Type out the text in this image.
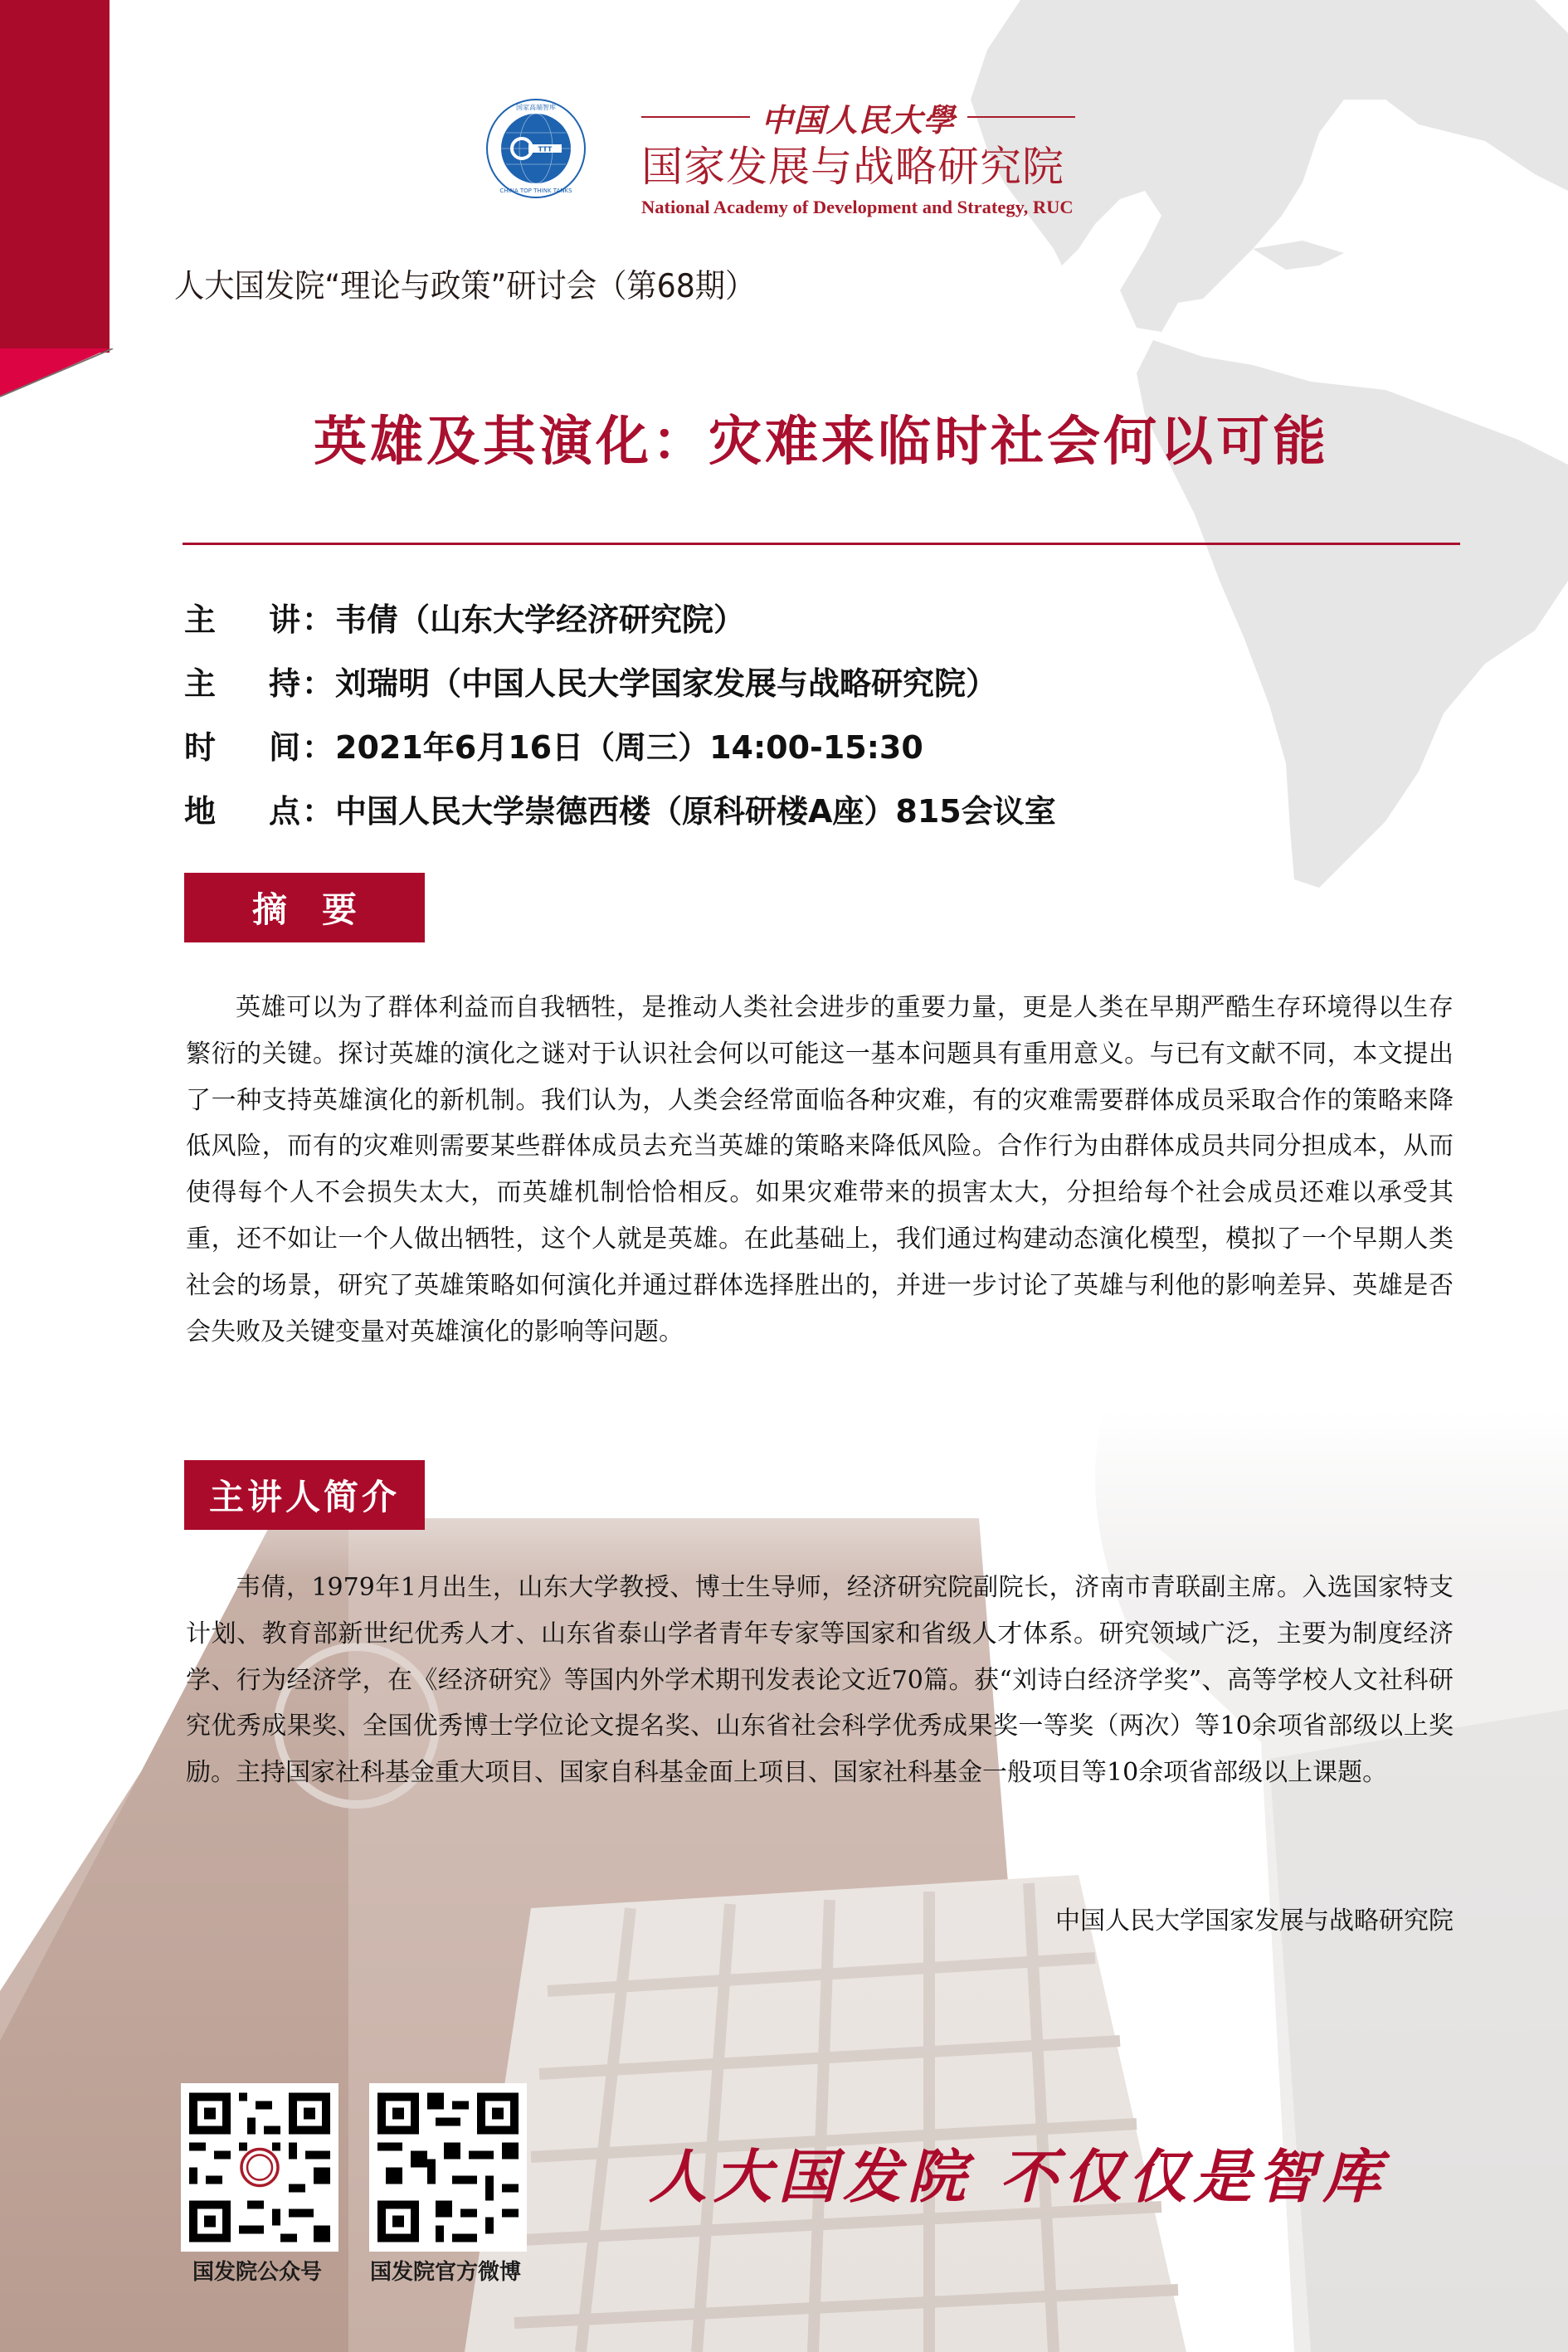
TTT
国家高端智库
CHINA TOP THINK TANKS
中国人民大學
国家发展与战略研究院
National Academy of Development and Strategy, RUC
人大国发院“理论与政策”研讨会（第68期）
英雄及其演化：灾难来临时社会何以可能
主 讲 ： 韦倩（山东大学经济研究院）
主 持 ： 刘瑞明（中国人民大学国家发展与战略研究院）
时 间 ： 2021年6月16日（周三）14:00-15:30
地 点 ： 中国人民大学崇德西楼（原科研楼A座）815会议室
摘要
英雄可以为了群体利益而自我牺牲，是推动人类社会进步的重要力量，更是人类在早期严酷生存环境得以生存繁衍的关键。探讨英雄的演化之谜对于认识社会何以可能这一基本问题具有重用意义。与已有文献不同，本文提出了一种支持英雄演化的新机制。我们认为，人类会经常面临各种灾难，有的灾难需要群体成员采取合作的策略来降低风险，而有的灾难则需要某些群体成员去充当英雄的策略来降低风险。合作行为由群体成员共同分担成本，从而使得每个人不会损失太大，而英雄机制恰恰相反。如果灾难带来的损害太大，分担给每个社会成员还难以承受其重，还不如让一个人做出牺牲，这个人就是英雄。在此基础上，我们通过构建动态演化模型，模拟了一个早期人类社会的场景，研究了英雄策略如何演化并通过群体选择胜出的，并进一步讨论了英雄与利他的影响差异、英雄是否会失败及关键变量对英雄演化的影响等问题。
主讲人简介
韦倩，1979年1月出生，山东大学教授、博士生导师，经济研究院副院长，济南市青联副主席。入选国家特支计划、教育部新世纪优秀人才、山东省泰山学者青年专家等国家和省级人才体系。研究领域广泛，主要为制度经济学、行为经济学，在《经济研究》等国内外学术期刊发表论文近70篇。获“刘诗白经济学奖”、高等学校人文社科研究优秀成果奖、全国优秀博士学位论文提名奖、山东省社会科学优秀成果奖一等奖（两次）等10余项省部级以上奖励。主持国家社科基金重大项目、国家自科基金面上项目、国家社科基金一般项目等10余项省部级以上课题。
中国人民大学国家发展与战略研究院
国发院公众号 国发院官方微博
人大国发院 不仅仅是智库
